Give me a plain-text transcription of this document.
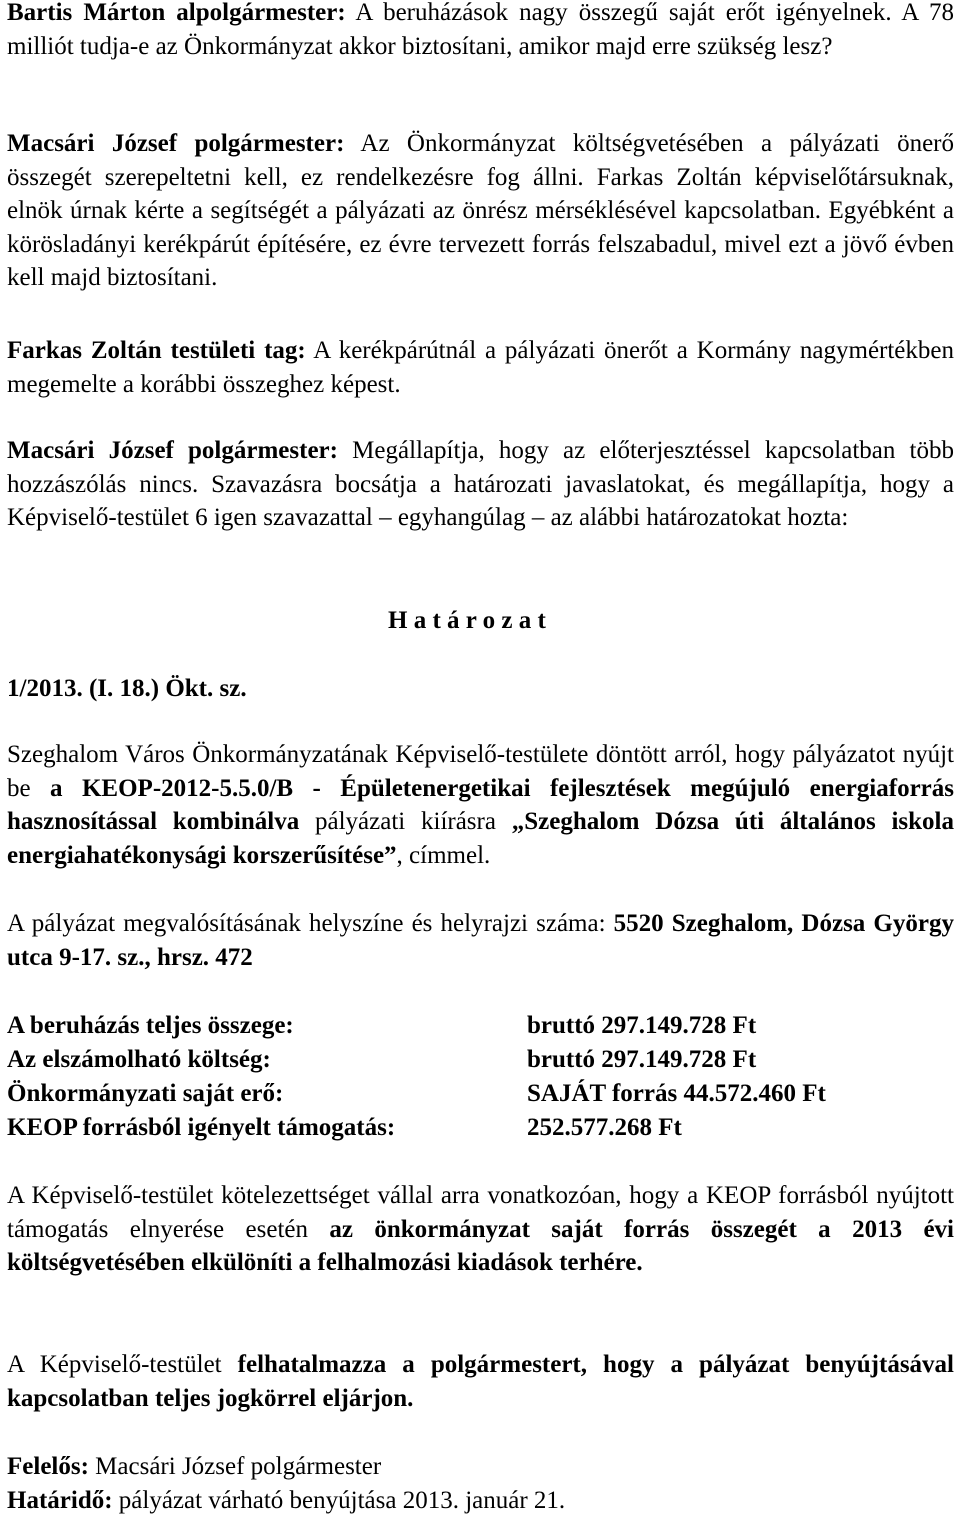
Bartis Márton alpolgármester: A beruházások nagy összegű saját erőt igényelnek. A 78 milliót tudja-e az Önkormányzat akkor biztosítani, amikor majd erre szükség lesz?

Macsári József polgármester: Az Önkormányzat költségvetésében a pályázati önerő összegét szerepeltetni kell, ez rendelkezésre fog állni. Farkas Zoltán képviselőtársuknak, elnök úrnak kérte a segítségét a pályázati az önrész mérséklésével kapcsolatban. Egyébként a körösladányi kerékpárút építésére, ez évre tervezett forrás felszabadul, mivel ezt a jövő évben kell majd biztosítani.

Farkas Zoltán testületi tag: A kerékpárútnál a pályázati önerőt a Kormány nagymértékben megemelte a korábbi összeghez képest.

Macsári József polgármester: Megállapítja, hogy az előterjesztéssel kapcsolatban több hozzászólás nincs. Szavazásra bocsátja a határozati javaslatokat, és megállapítja, hogy a Képviselő-testület 6 igen szavazattal – egyhangúlag – az alábbi határozatokat hozta:

H a t á r o z a t
1/2013. (I. 18.) Ökt. sz.

Szeghalom Város Önkormányzatának Képviselő-testülete döntött arról, hogy pályázatot nyújt be a KEOP-2012-5.5.0/B - Épületenergetikai fejlesztések megújuló energiaforrás hasznosítással kombinálva pályázati kiírásra „Szeghalom Dózsa úti általános iskola energiahatékonysági korszerűsítése”, címmel.

A pályázat megvalósításának helyszíne és helyrajzi száma: 5520 Szeghalom, Dózsa György utca 9-17. sz., hrsz. 472

A beruházás teljes összege:	bruttó 297.149.728 Ft
Az elszámolható költség:	bruttó 297.149.728 Ft
Önkormányzati saját erő:	SAJÁT forrás 44.572.460 Ft
KEOP forrásból igényelt támogatás:	252.577.268 Ft

A Képviselő-testület kötelezettséget vállal arra vonatkozóan, hogy a KEOP forrásból nyújtott támogatás elnyerése esetén az önkormányzat saját forrás összegét a 2013 évi költségvetésében elkülöníti a felhalmozási kiadások terhére.

A Képviselő-testület felhatalmazza a polgármestert, hogy a pályázat benyújtásával kapcsolatban teljes jogkörrel eljárjon.

Felelős: Macsári József polgármester
Határidő: pályázat várható benyújtása 2013. január 21.
